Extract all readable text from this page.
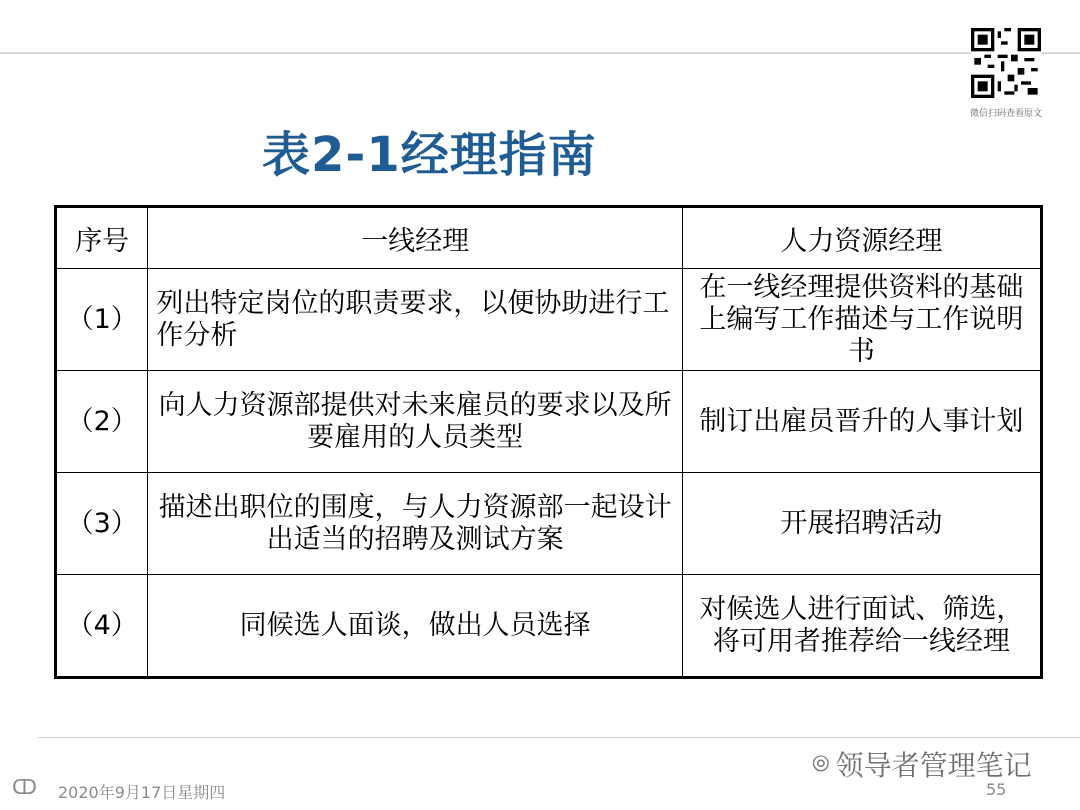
微信扫码查看原文
表2-1经理指南
序号	一线经理	人力资源经理
（1）	列出特定岗位的职责要求，以便协助进行工作分析	在一线经理提供资料的基础上编写工作描述与工作说明书
（2）	向人力资源部提供对未来雇员的要求以及所要雇用的人员类型	制订出雇员晋升的人事计划
（3）	描述出职位的围度，与人力资源部一起设计出适当的招聘及测试方案	开展招聘活动
（4）	同候选人面谈，做出人员选择	对候选人进行面试、筛选，将可用者推荐给一线经理
⦾ 领导者管理笔记
ↀ 2020年9月17日星期四	55
